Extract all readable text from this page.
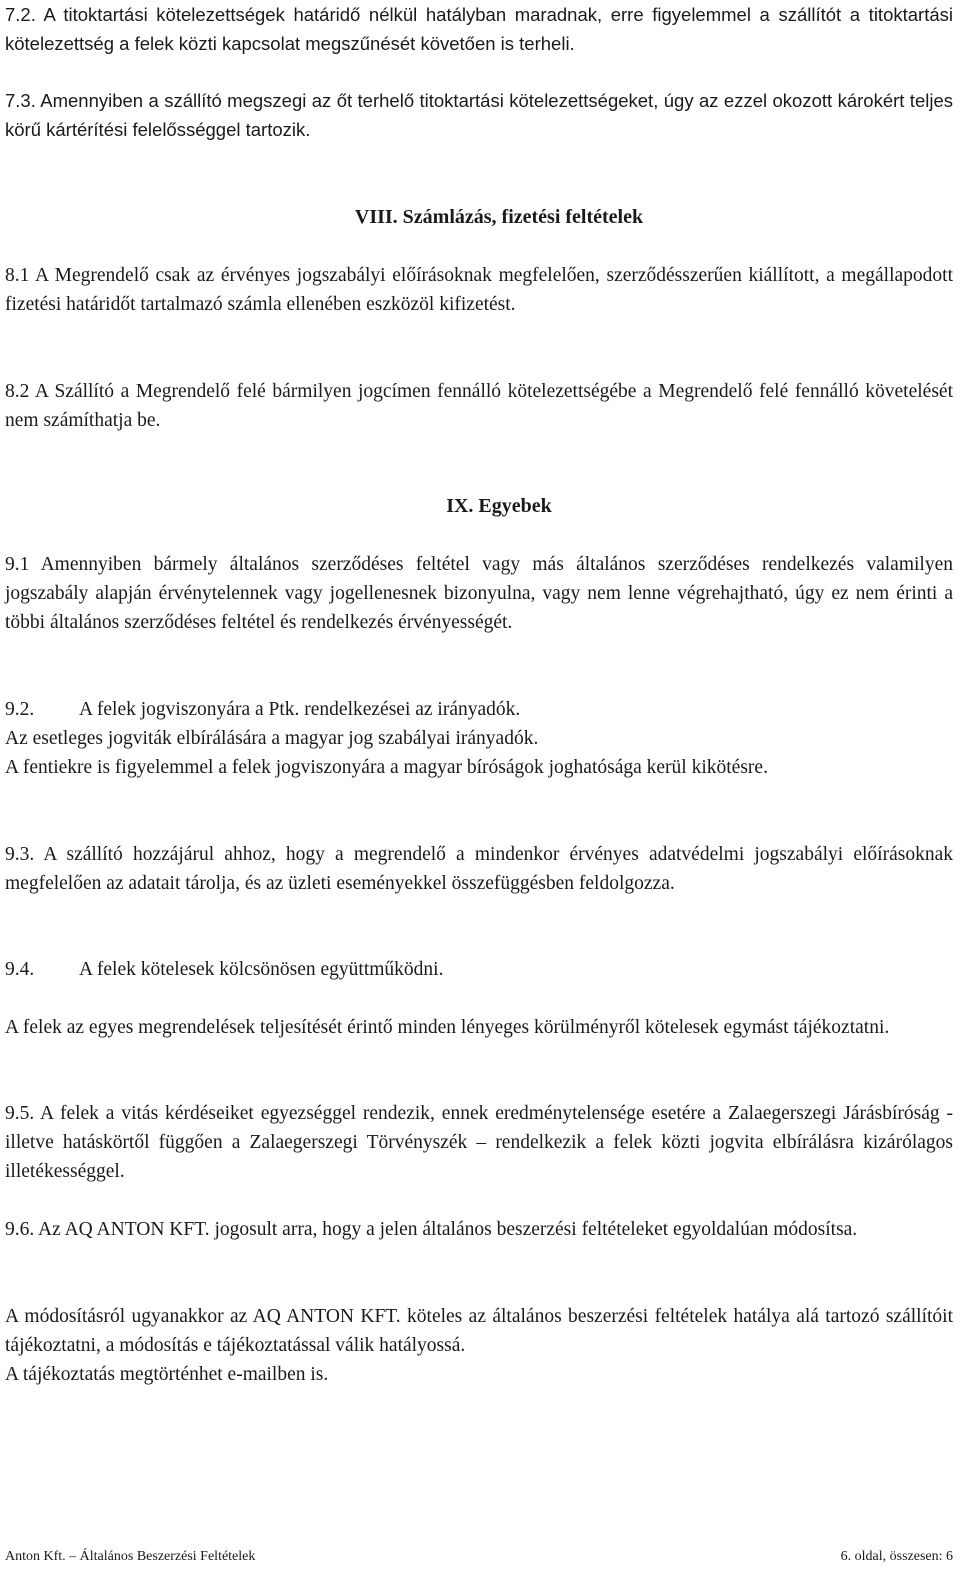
7.2. A titoktartási kötelezettségek határidő nélkül hatályban maradnak, erre figyelemmel a szállítót a titoktartási kötelezettség a felek közti kapcsolat megszűnését követően is terheli.
7.3. Amennyiben a szállító megszegi az őt terhelő titoktartási kötelezettségeket, úgy az ezzel okozott károkért teljes körű kártérítési felelősséggel tartozik.
VIII. Számlázás, fizetési feltételek
8.1 A Megrendelő csak az érvényes jogszabályi előírásoknak megfelelően, szerződésszerűen kiállított, a megállapodott fizetési határidőt tartalmazó számla ellenében eszközöl kifizetést.
8.2 A Szállító a Megrendelő felé bármilyen jogcímen fennálló kötelezettségébe a Megrendelő felé fennálló követelését nem számíthatja be.
IX. Egyebek
9.1 Amennyiben bármely általános szerződéses feltétel vagy más általános szerződéses rendelkezés valamilyen jogszabály alapján érvénytelennek vagy jogellenesnek bizonyulna, vagy nem lenne végrehajtható, úgy ez nem érinti a többi általános szerződéses feltétel és rendelkezés érvényességét.
9.2. A felek jogviszonyára a Ptk. rendelkezései az irányadók.
Az esetleges jogviták elbírálására a magyar jog szabályai irányadók.
A fentiekre is figyelemmel a felek jogviszonyára a magyar bíróságok joghatósága kerül kikötésre.
9.3. A szállító hozzájárul ahhoz, hogy a megrendelő a mindenkor érvényes adatvédelmi jogszabályi előírásoknak megfelelően az adatait tárolja, és az üzleti eseményekkel összefüggésben feldolgozza.
9.4. A felek kötelesek kölcsönösen együttműködni.
A felek az egyes megrendelések teljesítését érintő minden lényeges körülményről kötelesek egymást tájékoztatni.
9.5. A felek a vitás kérdéseiket egyezséggel rendezik, ennek eredménytelensége esetére a Zalaegerszegi Járásbíróság - illetve hatáskörtől függően a Zalaegerszegi Törvényszék – rendelkezik a felek közti jogvita elbírálásra kizárólagos illetékességgel.
9.6. Az AQ ANTON KFT. jogosult arra, hogy a jelen általános beszerzési feltételeket egyoldalúan módosítsa.
A módosításról ugyanakkor az AQ ANTON KFT. köteles az általános beszerzési feltételek hatálya alá tartozó szállítóit tájékoztatni, a módosítás e tájékoztatással válik hatályossá.
A tájékoztatás megtörténhet e-mailben is.
Anton Kft. – Általános Beszerzési Feltételek	6. oldal, összesen: 6
